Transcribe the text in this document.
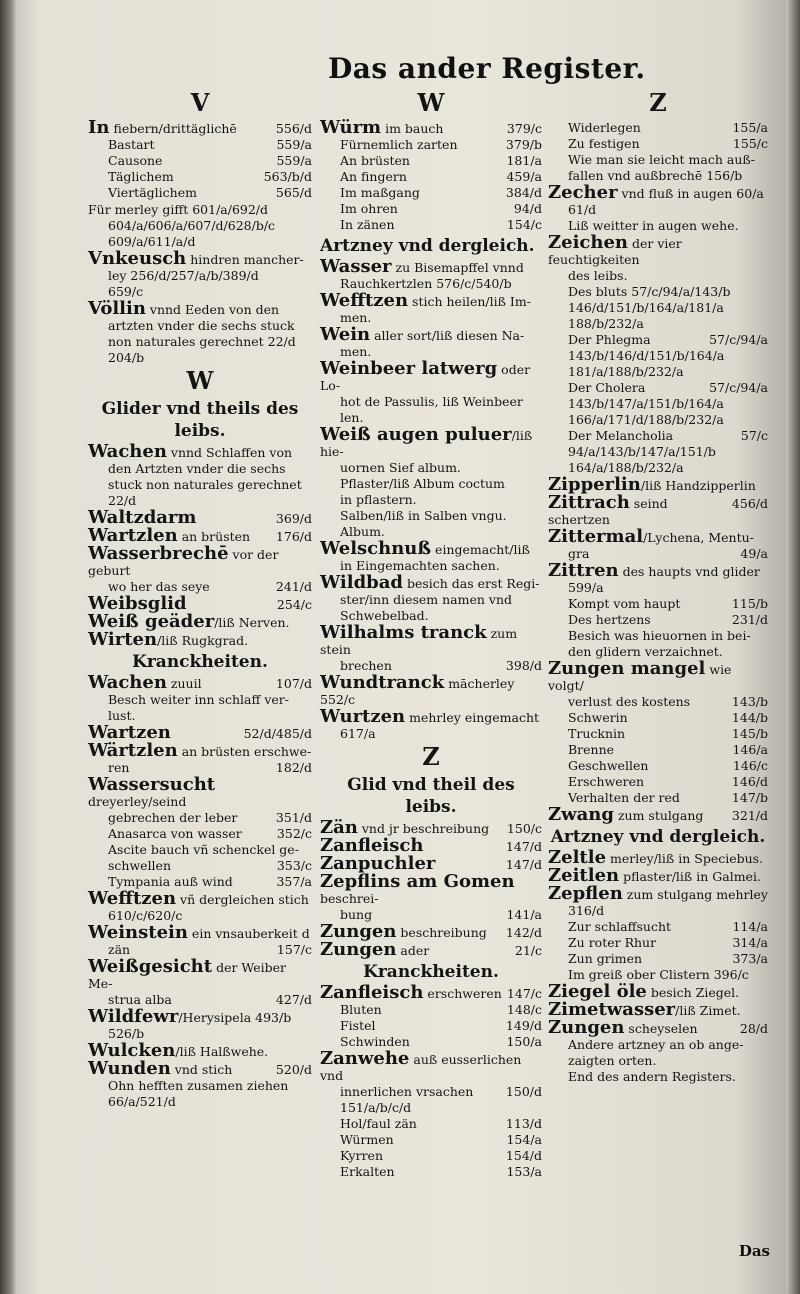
Das ander Register.
V
In fiebern/drittäglichē	556/d
Bastart	559/a
Causone	559/a
Täglichem	563/b/d
Viertäglichem	565/d
Für merley gifft 601/a/692/d
604/a/606/a/607/d/628/b/c
609/a/611/a/d
Vnkeusch hindren mancher-
ley 256/d/257/a/b/389/d
659/c
Völlin vnnd Eeden von den
artzten vnder die sechs stuck
non naturales gerechnet 22/d
204/b
W
Glider vnd theils des leibs.
Wachen vnnd Schlaffen von
den Artzten vnder die sechs
stuck non naturales gerechnet
22/d
Waltzdarm	369/d
Wartzlen an brüsten	176/d
Wasserbrechē vor der geburt
wo her das seye	241/d
Weibsglid	254/c
Weiß geäder/liß Nerven.
Wirten/liß Rugkgrad.
Kranckheiten.
Wachen zuuil	107/d
Besch weiter inn schlaff ver-
lust.
Wartzen	52/d/485/d
Wärtzlen an brüsten erschwe-
ren	182/d
Wassersucht dreyerley/seind
gebrechen der leber	351/d
Anasarca von wasser	352/c
Ascite bauch vñ schenckel ge-
schwellen	353/c
Tympania auß wind	357/a
Wefftzen vñ dergleichen stich
610/c/620/c
Weinstein ein vnsauberkeit d
zän	157/c
Weißgesicht der Weiber Me-
strua alba	427/d
Wildfewr/Herysipela 493/b
526/b
Wulcken/liß Halßwehe.
Wunden vnd stich	520/d
Ohn hefften zusamen ziehen
66/a/521/d
W
Würm im bauch	379/c
Fürnemlich zarten	379/b
An brüsten	181/a
An fingern	459/a
Im maßgang	384/d
Im ohren	94/d
In zänen	154/c
Artzney vnd dergleich.
Wasser zu Bisemapffel vnnd
Rauchkertzlen 576/c/540/b
Wefftzen stich heilen/liß Im-
men.
Wein aller sort/liß diesen Na-
men.
Weinbeer latwerg oder Lo-
hot de Passulis, liß Weinbeer
len.
Weiß augen puluer/liß hie-
uornen Sief album.
Pflaster/liß Album coctum
in pflastern.
Salben/liß in Salben vngu.
Album.
Welschnuß eingemacht/liß
in Eingemachten sachen.
Wildbad besich das erst Regi-
ster/inn diesem namen vnd
Schwebelbad.
Wilhalms tranck zum stein
brechen	398/d
Wundtranck mācherley 552/c
Wurtzen mehrley eingemacht
617/a
Z
Glid vnd theil des leibs.
Zän vnd jr beschreibung	150/c
Zanfleisch	147/d
Zanpuchler	147/d
Zepflins am Gomen beschrei-
bung	141/a
Zungen beschreibung	142/d
Zungen ader	21/c
Kranckheiten.
Zanfleisch erschweren 147/c
Bluten	148/c
Fistel	149/d
Schwinden	150/a
Zanwehe auß eusserlichen vnd
innerlichen vrsachen	150/d
151/a/b/c/d
Hol/faul zän	113/d
Würmen	154/a
Kyrren	154/d
Erkalten	153/a
Z
Widerlegen	155/a
Zu festigen	155/c
Wie man sie leicht mach auß-
fallen vnd außbrechē 156/b
Zecher vnd fluß in augen 60/a
61/d
Liß weitter in augen wehe.
Zeichen der vier feuchtigkeiten
des leibs.
Des bluts 57/c/94/a/143/b
146/d/151/b/164/a/181/a
188/b/232/a
Der Phlegma	57/c/94/a
143/b/146/d/151/b/164/a
181/a/188/b/232/a
Der Cholera	57/c/94/a
143/b/147/a/151/b/164/a
166/a/171/d/188/b/232/a
Der Melancholia	57/c
94/a/143/b/147/a/151/b
164/a/188/b/232/a
Zipperlin/liß Handzipperlin
Zittrach seind schertzen
456/d
Zittermal/Lychena, Mentu-
gra	49/a
Zittren des haupts vnd glider
599/a
Kompt vom haupt	115/b
Des hertzens	231/d
Besich was hieuornen in bei-
den glidern verzaichnet.
Zungen mangel wie volgt/
verlust des kostens	143/b
Schwerin	144/b
Trucknin	145/b
Brenne	146/a
Geschwellen	146/c
Erschweren	146/d
Verhalten der red	147/b
Zwang zum stulgang	321/d
Artzney vnd dergleich.
Zeltle merley/liß in Speciebus.
Zeitlen pflaster/liß in Galmei.
Zepflen zum stulgang mehrley
316/d
Zur schlaffsucht	114/a
Zu roter Rhur	314/a
Zun grimen	373/a
Im greiß ober Clistern 396/c
Ziegel öle besich Ziegel.
Zimetwasser/liß Zimet.
Zungen scheyselen	28/d
Andere artzney an ob ange-
zaigten orten.
End des andern Registers.
Das
